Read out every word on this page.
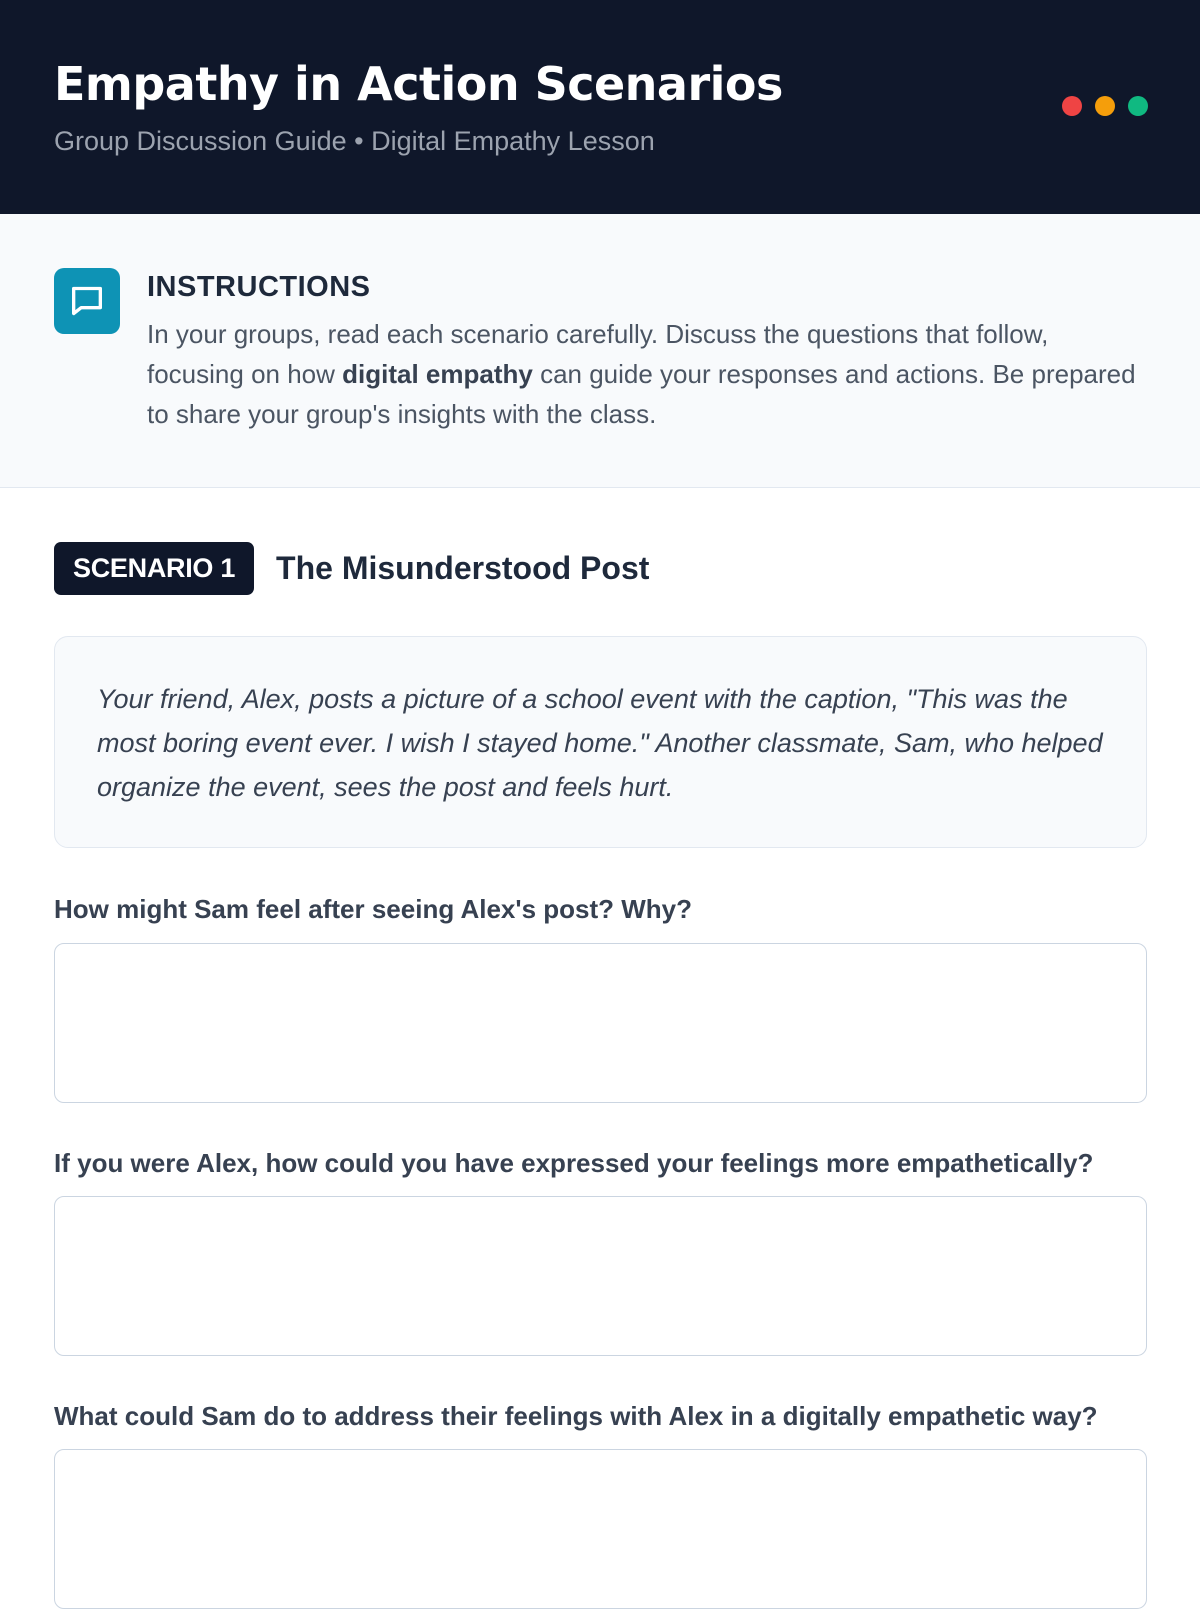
Empathy in Action Scenarios
Group Discussion Guide • Digital Empathy Lesson
INSTRUCTIONS
In your groups, read each scenario carefully. Discuss the questions that follow, focusing on how digital empathy can guide your responses and actions. Be prepared to share your group's insights with the class.
SCENARIO 1	The Misunderstood Post
Your friend, Alex, posts a picture of a school event with the caption, "This was the most boring event ever. I wish I stayed home." Another classmate, Sam, who helped organize the event, sees the post and feels hurt.
How might Sam feel after seeing Alex's post? Why?
If you were Alex, how could you have expressed your feelings more empathetically?
What could Sam do to address their feelings with Alex in a digitally empathetic way?
